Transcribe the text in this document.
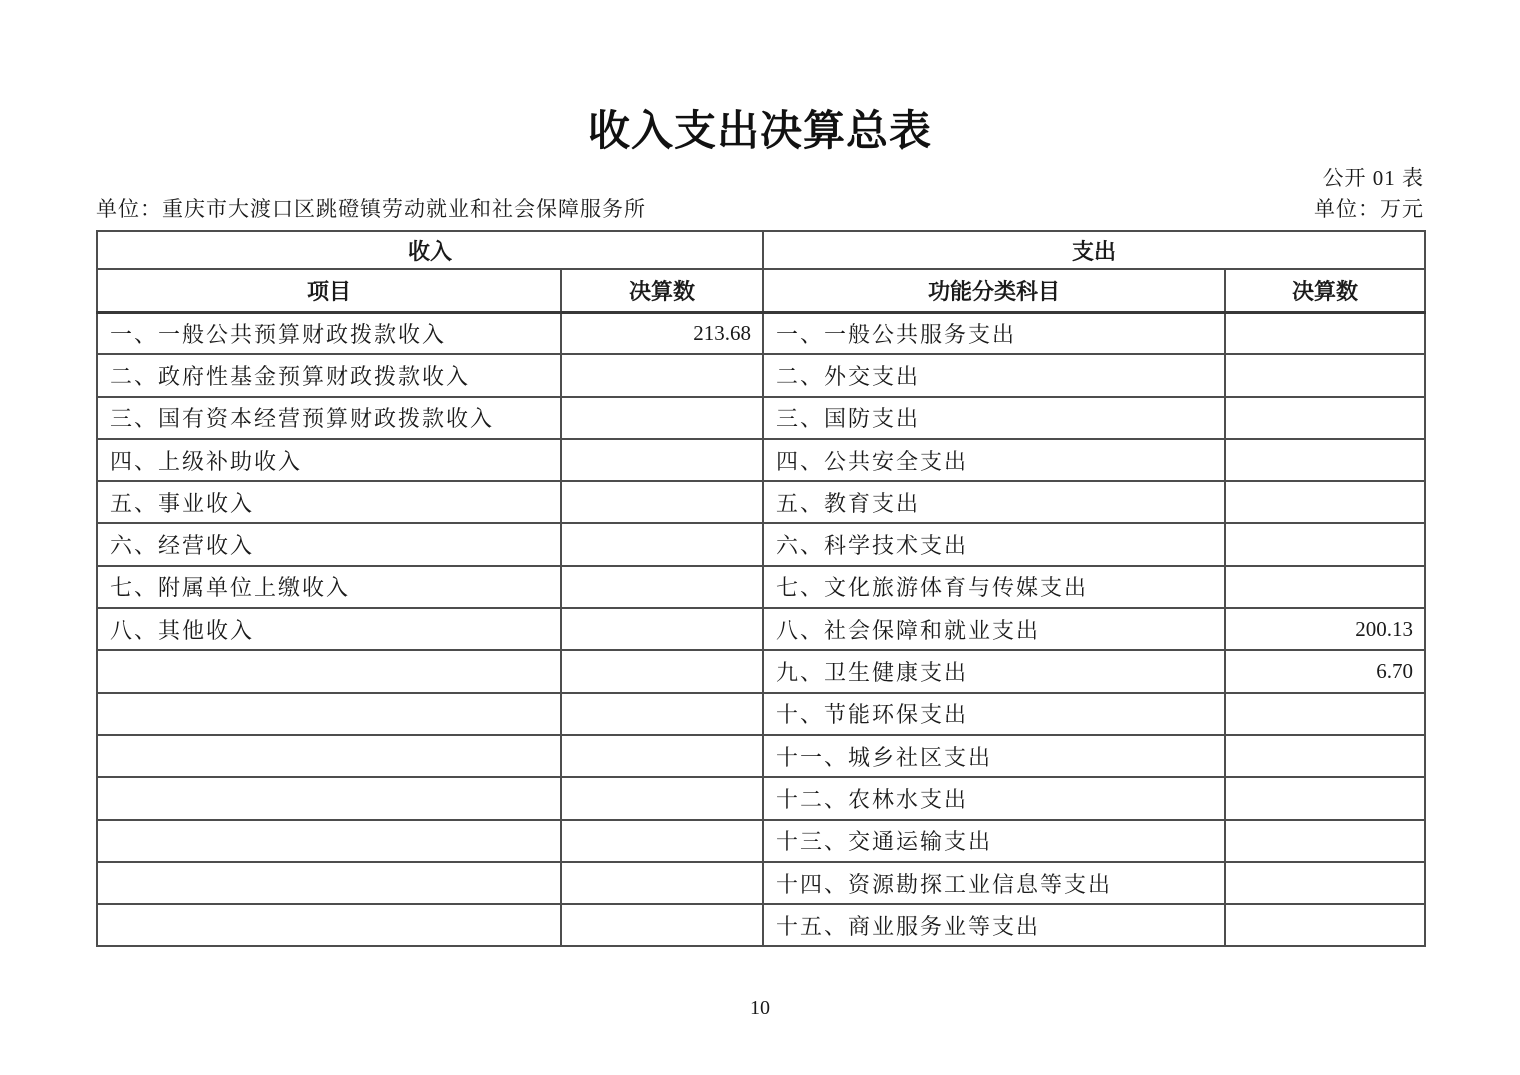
收入支出决算总表
公开 01 表
单位：重庆市大渡口区跳磴镇劳动就业和社会保障服务所	单位：万元
收入		支出	
项目	决算数	功能分类科目	决算数
一、一般公共预算财政拨款收入	213.68	一、一般公共服务支出	
二、政府性基金预算财政拨款收入		二、外交支出	
三、国有资本经营预算财政拨款收入		三、国防支出	
四、上级补助收入		四、公共安全支出	
五、事业收入		五、教育支出	
六、经营收入		六、科学技术支出	
七、附属单位上缴收入		七、文化旅游体育与传媒支出	
八、其他收入		八、社会保障和就业支出	200.13
		九、卫生健康支出	6.70
		十、节能环保支出	
		十一、城乡社区支出	
		十二、农林水支出	
		十三、交通运输支出	
		十四、资源勘探工业信息等支出	
		十五、商业服务业等支出	
10
